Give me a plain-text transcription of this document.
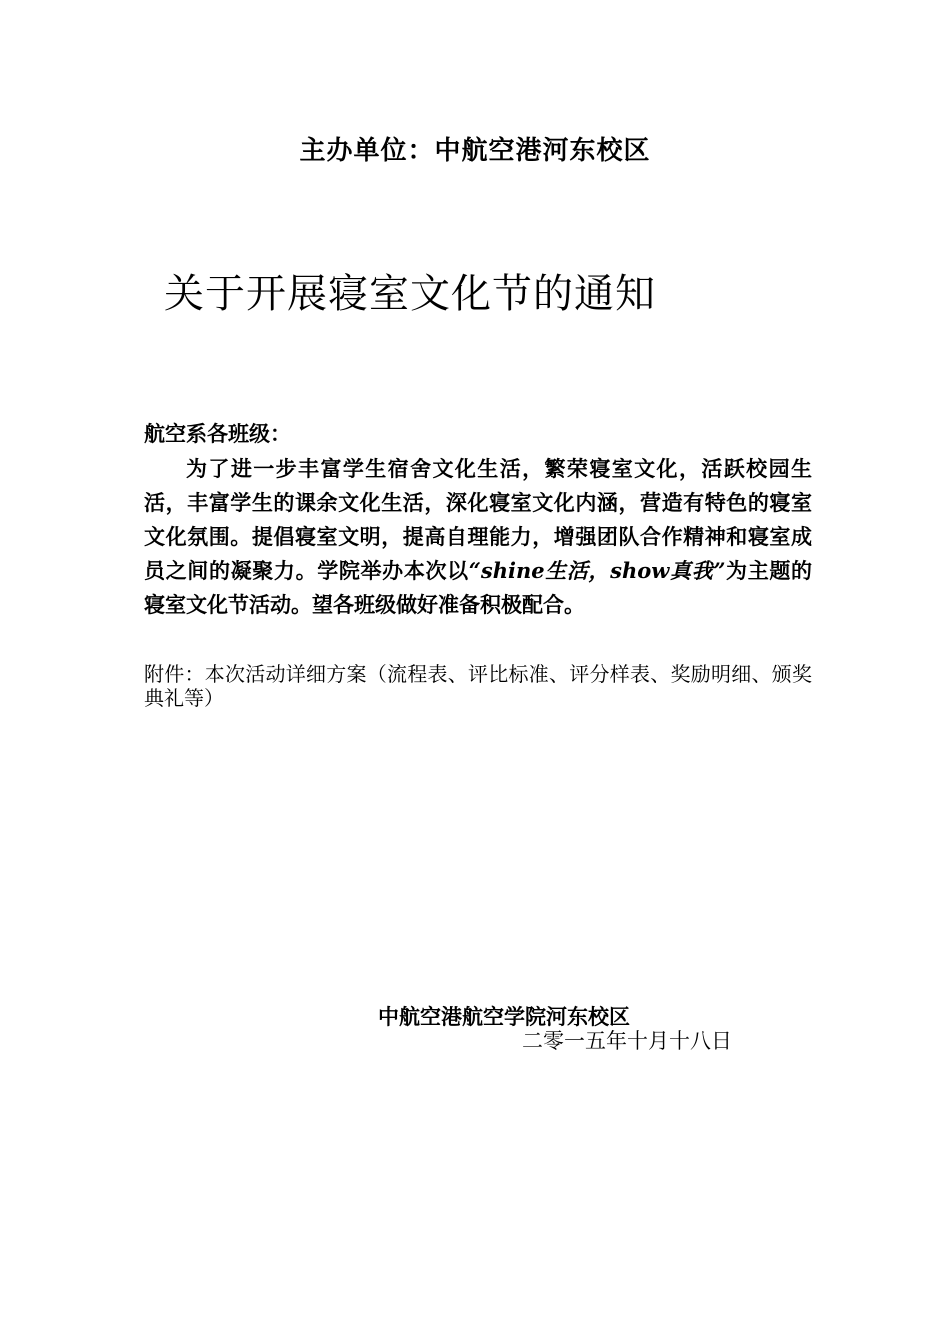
主办单位：中航空港河东校区
关于开展寝室文化节的通知
航空系各班级：
为了进一步丰富学生宿舍文化生活，繁荣寝室文化，活跃校园生活，丰富学生的课余文化生活，深化寝室文化内涵，营造有特色的寝室文化氛围。提倡寝室文明，提高自理能力，增强团队合作精神和寝室成员之间的凝聚力。学院举办本次以“shine生活，show真我”为主题的寝室文化节活动。望各班级做好准备积极配合。
附件：本次活动详细方案（流程表、评比标准、评分样表、奖励明细、颁奖典礼等）
中航空港航空学院河东校区
二零一五年十月十八日
